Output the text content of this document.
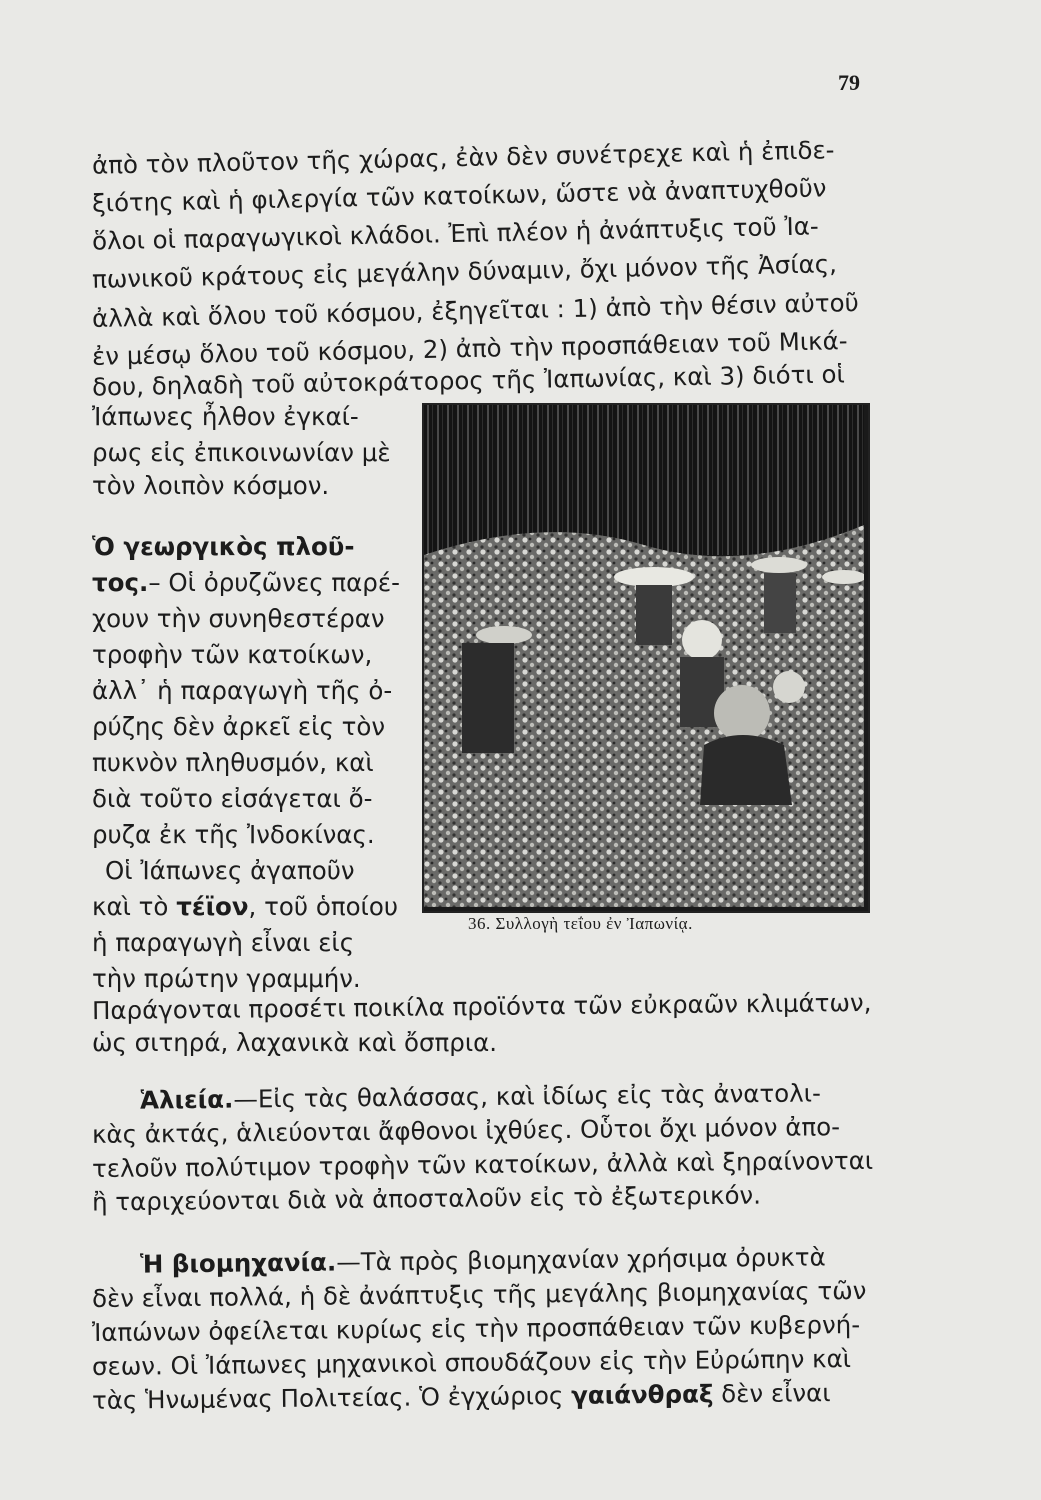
79
ἀπὸ τὸν πλοῦτον τῆς χώρας, ἐὰν δὲν συνέτρεχε καὶ ἡ ἐπιδε-
ξιότης καὶ ἡ φιλεργία τῶν κατοίκων, ὥστε νὰ ἀναπτυχθοῦν
ὅλοι οἱ παραγωγικοὶ κλάδοι. Ἐπὶ πλέον ἡ ἀνάπτυξις τοῦ Ἰα-
πωνικοῦ κράτους εἰς μεγάλην δύναμιν, ὄχι μόνον τῆς Ἀσίας,
ἀλλὰ καὶ ὅλου τοῦ κόσμου, ἐξηγεῖται : 1) ἀπὸ τὴν θέσιν αὐτοῦ
ἐν μέσῳ ὅλου τοῦ κόσμου, 2) ἀπὸ τὴν προσπάθειαν τοῦ Μικά-
δου, δηλαδὴ τοῦ αὐτοκράτορος τῆς Ἰαπωνίας, καὶ 3) διότι οἱ
Ἰάπωνες ἦλθον ἐγκαί-
ρως εἰς ἐπικοινωνίαν μὲ
τὸν λοιπὸν κόσμον.
Ὁ γεωργικὸς πλοῦ-
τος.– Οἱ ὀρυζῶνες παρέ-
χουν τὴν συνηθεστέραν
τροφὴν τῶν κατοίκων,
ἀλλ᾽ ἡ παραγωγὴ τῆς ὀ-
ρύζης δὲν ἀρκεῖ εἰς τὸν
πυκνὸν πληθυσμόν, καὶ
διὰ τοῦτο εἰσάγεται ὄ-
ρυζα ἐκ τῆς Ἰνδοκίνας.
Οἱ Ἰάπωνες ἀγαποῦν
καὶ τὸ τέϊον, τοῦ ὁποίου
ἡ παραγωγὴ εἶναι εἰς
τὴν πρώτην γραμμήν.
Παράγονται προσέτι ποικίλα προϊόντα τῶν εὐκραῶν κλιμάτων,
ὡς σιτηρά, λαχανικὰ καὶ ὄσπρια.
36. Συλλογὴ τεΐου ἐν Ἰαπωνίᾳ.
Ἁλιεία.—Εἰς τὰς θαλάσσας, καὶ ἰδίως εἰς τὰς ἀνατολι-
κὰς ἀκτάς, ἁλιεύονται ἄφθονοι ἰχθύες. Οὗτοι ὄχι μόνον ἀπο-
τελοῦν πολύτιμον τροφὴν τῶν κατοίκων, ἀλλὰ καὶ ξηραίνονται
ἢ ταριχεύονται διὰ νὰ ἀποσταλοῦν εἰς τὸ ἐξωτερικόν.
Ἡ βιομηχανία.—Τὰ πρὸς βιομηχανίαν χρήσιμα ὀρυκτὰ
δὲν εἶναι πολλά, ἡ δὲ ἀνάπτυξις τῆς μεγάλης βιομηχανίας τῶν
Ἰαπώνων ὀφείλεται κυρίως εἰς τὴν προσπάθειαν τῶν κυβερνή-
σεων. Οἱ Ἰάπωνες μηχανικοὶ σπουδάζουν εἰς τὴν Εὐρώπην καὶ
τὰς Ἡνωμένας Πολιτείας. Ὁ ἐγχώριος γαιάνθραξ δὲν εἶναι
